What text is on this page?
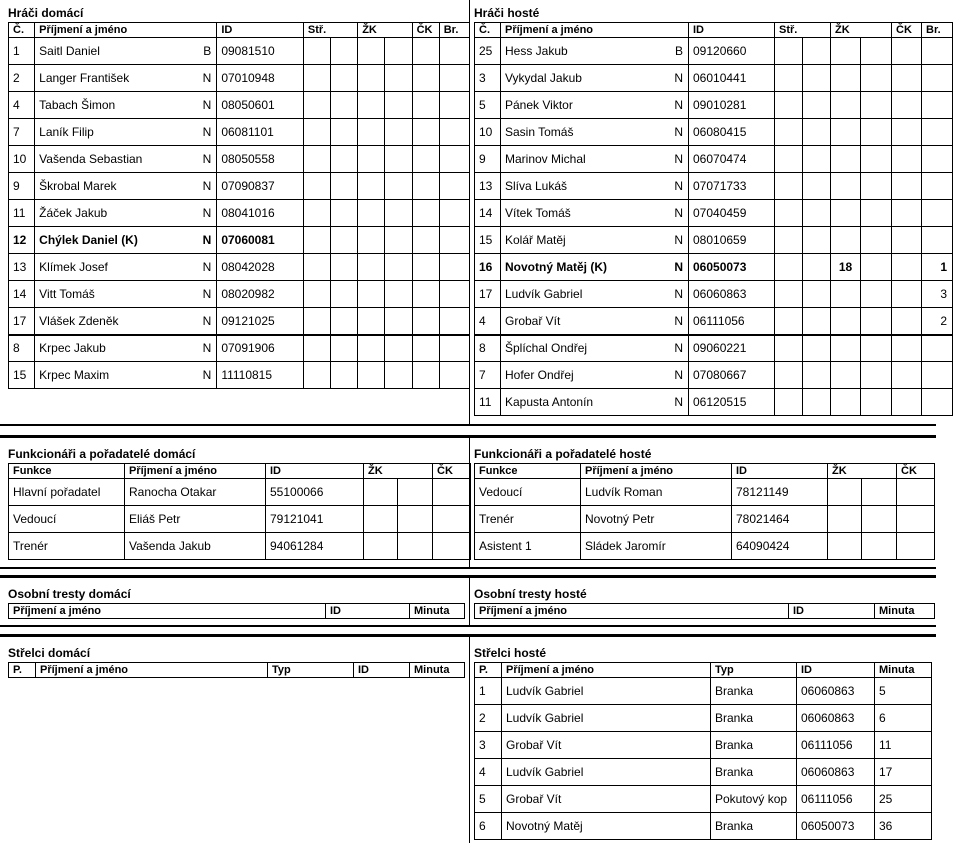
Hráči domácí
Č.	Příjmení a jméno		ID	Stř.		ŽK		ČK	Br.
1	Saitl Daniel	B	09081510						
2	Langer František	N	07010948						
4	Tabach Šimon	N	08050601						
7	Laník Filip	N	06081101						
10	Vašenda Sebastian	N	08050558						
9	Škrobal Marek	N	07090837						
11	Žáček Jakub	N	08041016						
12	Chýlek Daniel (K)	N	07060081						
13	Klímek Josef	N	08042028						
14	Vitt Tomáš	N	08020982						
17	Vlášek Zdeněk	N	09121025						
8	Krpec Jakub	N	07091906						
15	Krpec Maxim	N	11110815						
Hráči hosté
Č.	Příjmení a jméno		ID	Stř.		ŽK		ČK	Br.
25	Hess Jakub	B	09120660						
3	Vykydal Jakub	N	06010441						
5	Pánek Viktor	N	09010281						
10	Sasin Tomáš	N	06080415						
9	Marinov Michal	N	06070474						
13	Slíva Lukáš	N	07071733						
14	Vítek Tomáš	N	07040459						
15	Kolář Matěj	N	08010659						
16	Novotný Matěj (K)	N	06050073			18			1
17	Ludvík Gabriel	N	06060863						3
4	Grobař Vít	N	06111056						2
8	Šplíchal Ondřej	N	09060221						
7	Hofer Ondřej	N	07080667						
11	Kapusta Antonín	N	06120515						
Funkcionáři a pořadatelé domácí
Funkce	Příjmení a jméno	ID	ŽK		ČK
Hlavní pořadatel	Ranocha Otakar	55100066			
Vedoucí	Eliáš Petr	79121041			
Trenér	Vašenda Jakub	94061284			
Funkcionáři a pořadatelé hosté
Funkce	Příjmení a jméno	ID	ŽK		ČK
Vedoucí	Ludvík Roman	78121149			
Trenér	Novotný Petr	78021464			
Asistent 1	Sládek Jaromír	64090424			
Osobní tresty domácí
Příjmení a jméno	ID	Minuta
Osobní tresty hosté
Příjmení a jméno	ID	Minuta
Střelci domácí
P.	Příjmení a jméno	Typ	ID	Minuta
Střelci hosté
P.	Příjmení a jméno	Typ	ID	Minuta
1	Ludvík Gabriel	Branka	06060863	5
2	Ludvík Gabriel	Branka	06060863	6
3	Grobař Vít	Branka	06111056	11
4	Ludvík Gabriel	Branka	06060863	17
5	Grobař Vít	Pokutový kop	06111056	25
6	Novotný Matěj	Branka	06050073	36
